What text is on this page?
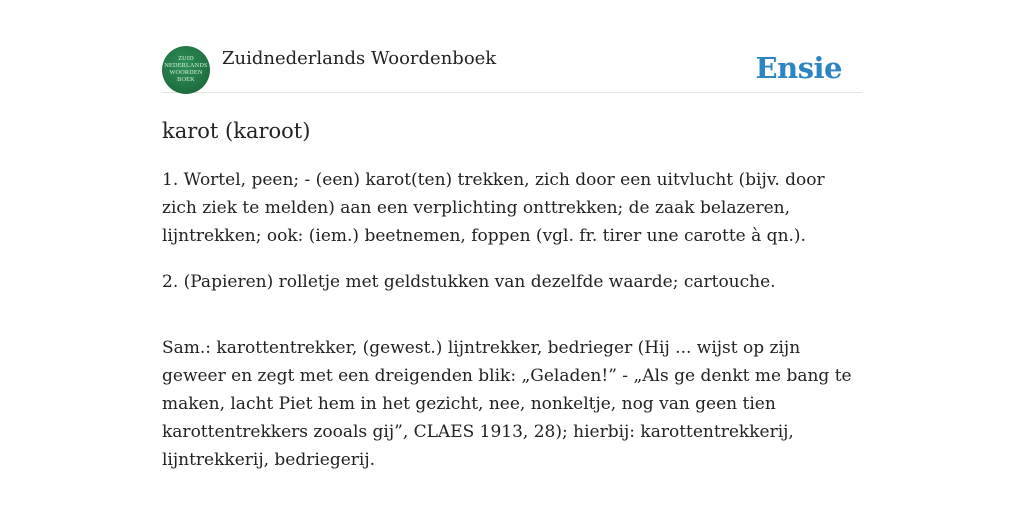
ZUID
NEDERLANDS
WOORDEN
BOEK
Zuidnederlands Woordenboek	Ensie
karot (karoot)

1. Wortel, peen; - (een) karot(ten) trekken, zich door een uitvlucht (bijv. door zich ziek te melden) aan een verplichting onttrekken; de zaak belazeren, lijntrekken; ook: (iem.) beetnemen, foppen (vgl. fr. tirer une carotte à qn.).

2. (Papieren) rolletje met geldstukken van dezelfde waarde; cartouche.

Sam.: karottentrekker, (gewest.) lijntrekker, bedrieger (Hij ... wijst op zijn geweer en zegt met een dreigenden blik: „Geladen!” - „Als ge denkt me bang te maken, lacht Piet hem in het gezicht, nee, nonkeltje, nog van geen tien karottentrekkers zooals gij”, CLAES 1913, 28); hierbij: karottentrekkerij, lijntrekkerij, bedriegerij.
